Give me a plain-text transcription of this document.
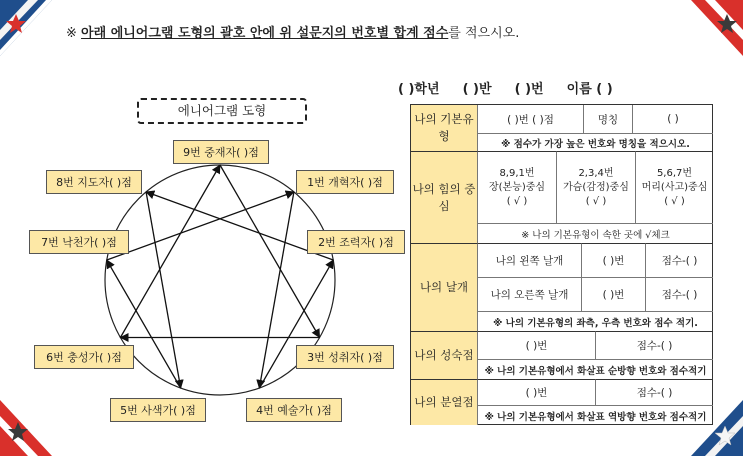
※ 아래 에니어그램 도형의 괄호 안에 위 설문지의 번호별 합계 점수를 적으시오.
( )학년 ( )반 ( )번 이름 ( )
에니어그램 도형
9번 중재자( )점
1번 개혁자( )점
2번 조력자( )점
3번 성취자( )점
4번 예술가( )점
5번 사색가( )점
6번 충성가( )점
7번 낙천가( )점
8번 지도자( )점
나의 기본유형
( )번 ( )점	명칭	( )
※ 점수가 가장 높은 번호와 명칭을 적으시오.
나의 힘의 중심
8,9,1번
장(본능)중심
( √ )
2,3,4번
가슴(감정)중심
( √ )
5,6,7번
머리(사고)중심
( √ )
※ 나의 기본유형이 속한 곳에 √체크
나의 날개
나의 왼쪽 날개	( )번	점수-( )
나의 오른쪽 날개	( )번	점수-( )
※ 나의 기본유형의 좌측, 우측 번호와 점수 적기.
나의 성숙점
( )번	점수-( )
※ 나의 기본유형에서 화살표 순방향 번호와 점수적기
나의 분열점
( )번	점수-( )
※ 나의 기본유형에서 화살표 역방향 번호와 점수적기
